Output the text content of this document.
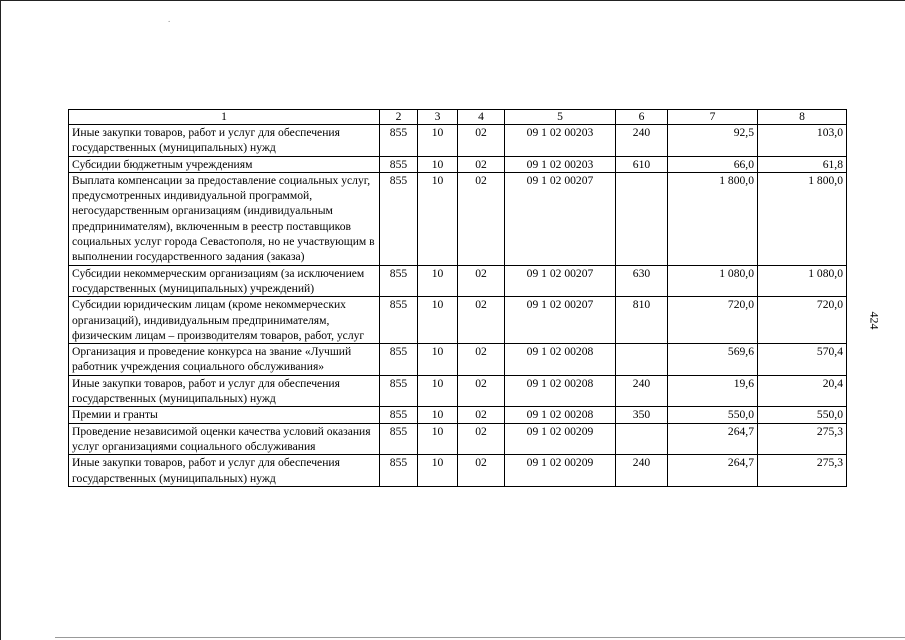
.
424
1	2	3	4	5	6	7	8
Иные закупки товаров, работ и услуг для обеспечения государственных (муниципальных) нужд	855	10	02	09 1 02 00203	240	92,5	103,0
Субсидии бюджетным учреждениям	855	10	02	09 1 02 00203	610	66,0	61,8
Выплата компенсации за предоставление социальных услуг, предусмотренных индивидуальной программой, негосударственным организациям (индивидуальным предпринимателям), включенным в реестр поставщиков социальных услуг города Севастополя, но не участвующим в выполнении государственного задания (заказа)	855	10	02	09 1 02 00207		1 800,0	1 800,0
Субсидии некоммерческим организациям (за исключением государственных (муниципальных) учреждений)	855	10	02	09 1 02 00207	630	1 080,0	1 080,0
Субсидии юридическим лицам (кроме некоммерческих организаций), индивидуальным предпринимателям, физическим лицам – производителям товаров, работ, услуг	855	10	02	09 1 02 00207	810	720,0	720,0
Организация и проведение конкурса на звание «Лучший работник учреждения социального обслуживания»	855	10	02	09 1 02 00208		569,6	570,4
Иные закупки товаров, работ и услуг для обеспечения государственных (муниципальных) нужд	855	10	02	09 1 02 00208	240	19,6	20,4
Премии и гранты	855	10	02	09 1 02 00208	350	550,0	550,0
Проведение независимой оценки качества условий оказания услуг организациями социального обслуживания	855	10	02	09 1 02 00209		264,7	275,3
Иные закупки товаров, работ и услуг для обеспечения государственных (муниципальных) нужд	855	10	02	09 1 02 00209	240	264,7	275,3
